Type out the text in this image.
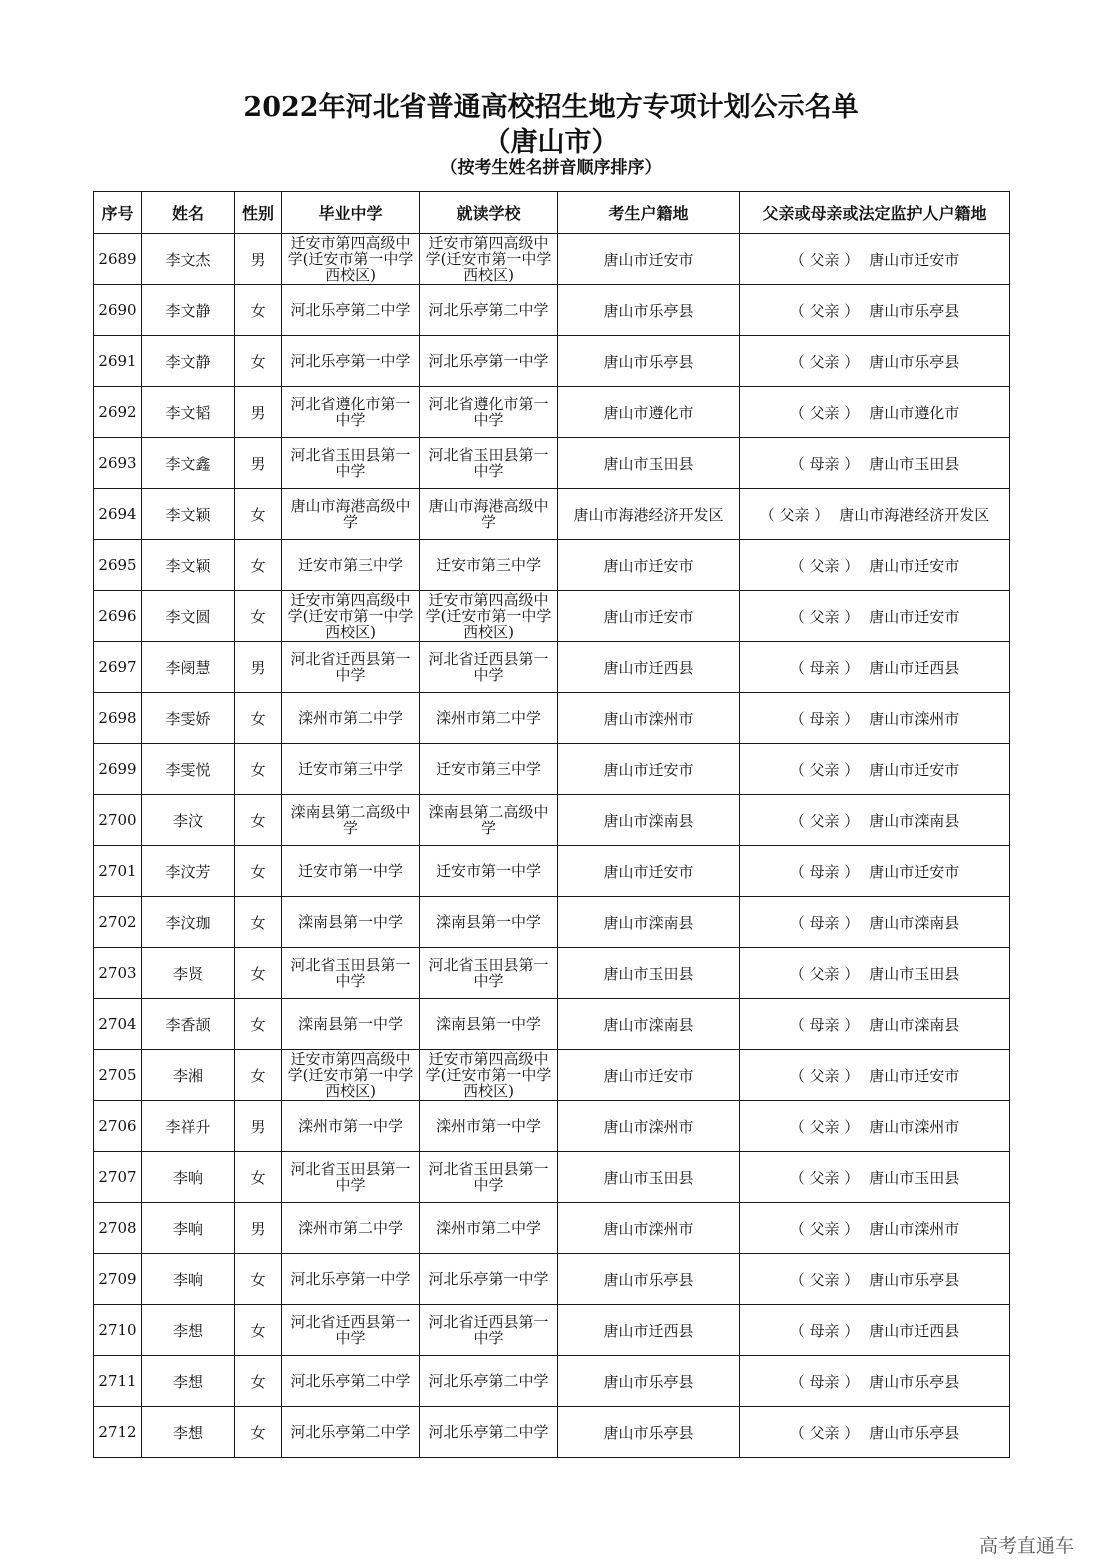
2022年河北省普通高校招生地方专项计划公示名单
（唐山市）
（按考生姓名拼音顺序排序）
序号	姓名	性别	毕业中学	就读学校	考生户籍地	父亲或母亲或法定监护人户籍地
2689	李文杰	男	迁安市第四高级中学(迁安市第一中学西校区)	迁安市第四高级中学(迁安市第一中学西校区)	唐山市迁安市	（ 父亲 ） 唐山市迁安市
2690	李文静	女	河北乐亭第二中学	河北乐亭第二中学	唐山市乐亭县	（ 父亲 ） 唐山市乐亭县
2691	李文静	女	河北乐亭第一中学	河北乐亭第一中学	唐山市乐亭县	（ 父亲 ） 唐山市乐亭县
2692	李文韬	男	河北省遵化市第一中学	河北省遵化市第一中学	唐山市遵化市	（ 父亲 ） 唐山市遵化市
2693	李文鑫	男	河北省玉田县第一中学	河北省玉田县第一中学	唐山市玉田县	（ 母亲 ） 唐山市玉田县
2694	李文颖	女	唐山市海港高级中学	唐山市海港高级中学	唐山市海港经济开发区	（ 父亲 ） 唐山市海港经济开发区
2695	李文颖	女	迁安市第三中学	迁安市第三中学	唐山市迁安市	（ 父亲 ） 唐山市迁安市
2696	李文圆	女	迁安市第四高级中学(迁安市第一中学西校区)	迁安市第四高级中学(迁安市第一中学西校区)	唐山市迁安市	（ 父亲 ） 唐山市迁安市
2697	李阌慧	男	河北省迁西县第一中学	河北省迁西县第一中学	唐山市迁西县	（ 母亲 ） 唐山市迁西县
2698	李雯娇	女	滦州市第二中学	滦州市第二中学	唐山市滦州市	（ 母亲 ） 唐山市滦州市
2699	李雯悦	女	迁安市第三中学	迁安市第三中学	唐山市迁安市	（ 父亲 ） 唐山市迁安市
2700	李汶	女	滦南县第二高级中学	滦南县第二高级中学	唐山市滦南县	（ 父亲 ） 唐山市滦南县
2701	李汶芳	女	迁安市第一中学	迁安市第一中学	唐山市迁安市	（ 母亲 ） 唐山市迁安市
2702	李汶珈	女	滦南县第一中学	滦南县第一中学	唐山市滦南县	（ 母亲 ） 唐山市滦南县
2703	李贤	女	河北省玉田县第一中学	河北省玉田县第一中学	唐山市玉田县	（ 父亲 ） 唐山市玉田县
2704	李香颉	女	滦南县第一中学	滦南县第一中学	唐山市滦南县	（ 母亲 ） 唐山市滦南县
2705	李湘	女	迁安市第四高级中学(迁安市第一中学西校区)	迁安市第四高级中学(迁安市第一中学西校区)	唐山市迁安市	（ 父亲 ） 唐山市迁安市
2706	李祥升	男	滦州市第一中学	滦州市第一中学	唐山市滦州市	（ 父亲 ） 唐山市滦州市
2707	李响	女	河北省玉田县第一中学	河北省玉田县第一中学	唐山市玉田县	（ 父亲 ） 唐山市玉田县
2708	李响	男	滦州市第二中学	滦州市第二中学	唐山市滦州市	（ 父亲 ） 唐山市滦州市
2709	李响	女	河北乐亭第一中学	河北乐亭第一中学	唐山市乐亭县	（ 父亲 ） 唐山市乐亭县
2710	李想	女	河北省迁西县第一中学	河北省迁西县第一中学	唐山市迁西县	（ 母亲 ） 唐山市迁西县
2711	李想	女	河北乐亭第二中学	河北乐亭第二中学	唐山市乐亭县	（ 母亲 ） 唐山市乐亭县
2712	李想	女	河北乐亭第二中学	河北乐亭第二中学	唐山市乐亭县	（ 父亲 ） 唐山市乐亭县
高考直通车
